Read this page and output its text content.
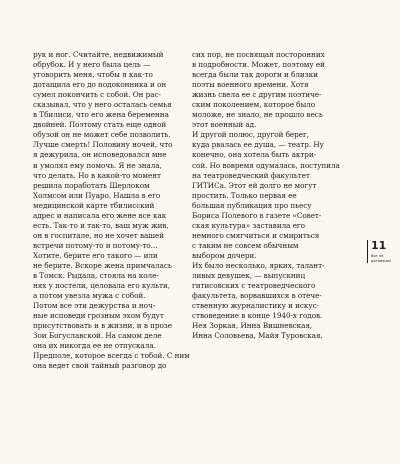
рук и ног. Считайте, недвижимый
обрубок. И у него была цель —
уговорить меня, чтобы я как-то
дотащила его до подоконника и он
сумел покончить с собой. Он рас-
сказывал, что у него осталась семья
в Тбилиси, что его жена беременна
двойней. Поэтому стать еще одной
обузой он не может себе позволить.
Лучше смерть! Половину ночей, что
я дежурила, он исповедовался мне
и умолял ему помочь. Я не знала,
что делать. Но в какой-то момент
решила поработать Шерлоком
Холмсом или Пуаро. Нашла в его
медицинской карте тбилисский
адрес и написала его жене все как
есть. Так-то и так-то, ваш муж жив,
он в госпитале, но не хочет вашей
встречи потому-то и потому-то...
Хотите, берите его такого — или
не берите. Вскоре жена примчалась
в Томск. Рыдала, стояла на коле-
нях у постели, целовала его культи,
а потом увезла мужа с собой.
Потом все эти дежурства и ноч-
ные исповеди грозным эхом будут
присутствовать и в жизни, и в прозе
Зои Богуславской. На самом деле
она их никогда ее не отпускала.
Предполе, которое всегда с тобой. С ним
она ведет свой тайный разговор до
сих пор, не посвящая посторонних
в подробности. Может, поэтому ей
всегда были так дороги и близки
поэты военного времени. Хотя
жизнь свела ее с другим поэтиче-
ским поколением, которое было
моложе, не знало, не прошло весь
этот военный ад.
И другой полюс, другой берег,
куда рвалась ее душа, — театр. Ну
конечно, она хотела быть актри-
сой. Но вовремя одумалась, поступила
на театроведческий факультет
ГИТИСа. Этот ей долго не могут
простить. Только первая ее
большая публикация про пьесу
Бориса Полевого в газете «Совет-
ская культура» заставила его
немного смягчиться и смириться
с таким не совсем обычным
выбором дочери.
Их было несколько, ярких, талант-
ливых девушек, — выпускниц
гитисовских с театроведческого
факультета, ворвавшихся в отече-
ственную журналистику и искус-
ствоведение в конце 1940-х годов.
Нея Зоркая, Инна Вишневская,
Инна Соловьева, Майя Туровская,
11
Вот не дотянешь!
